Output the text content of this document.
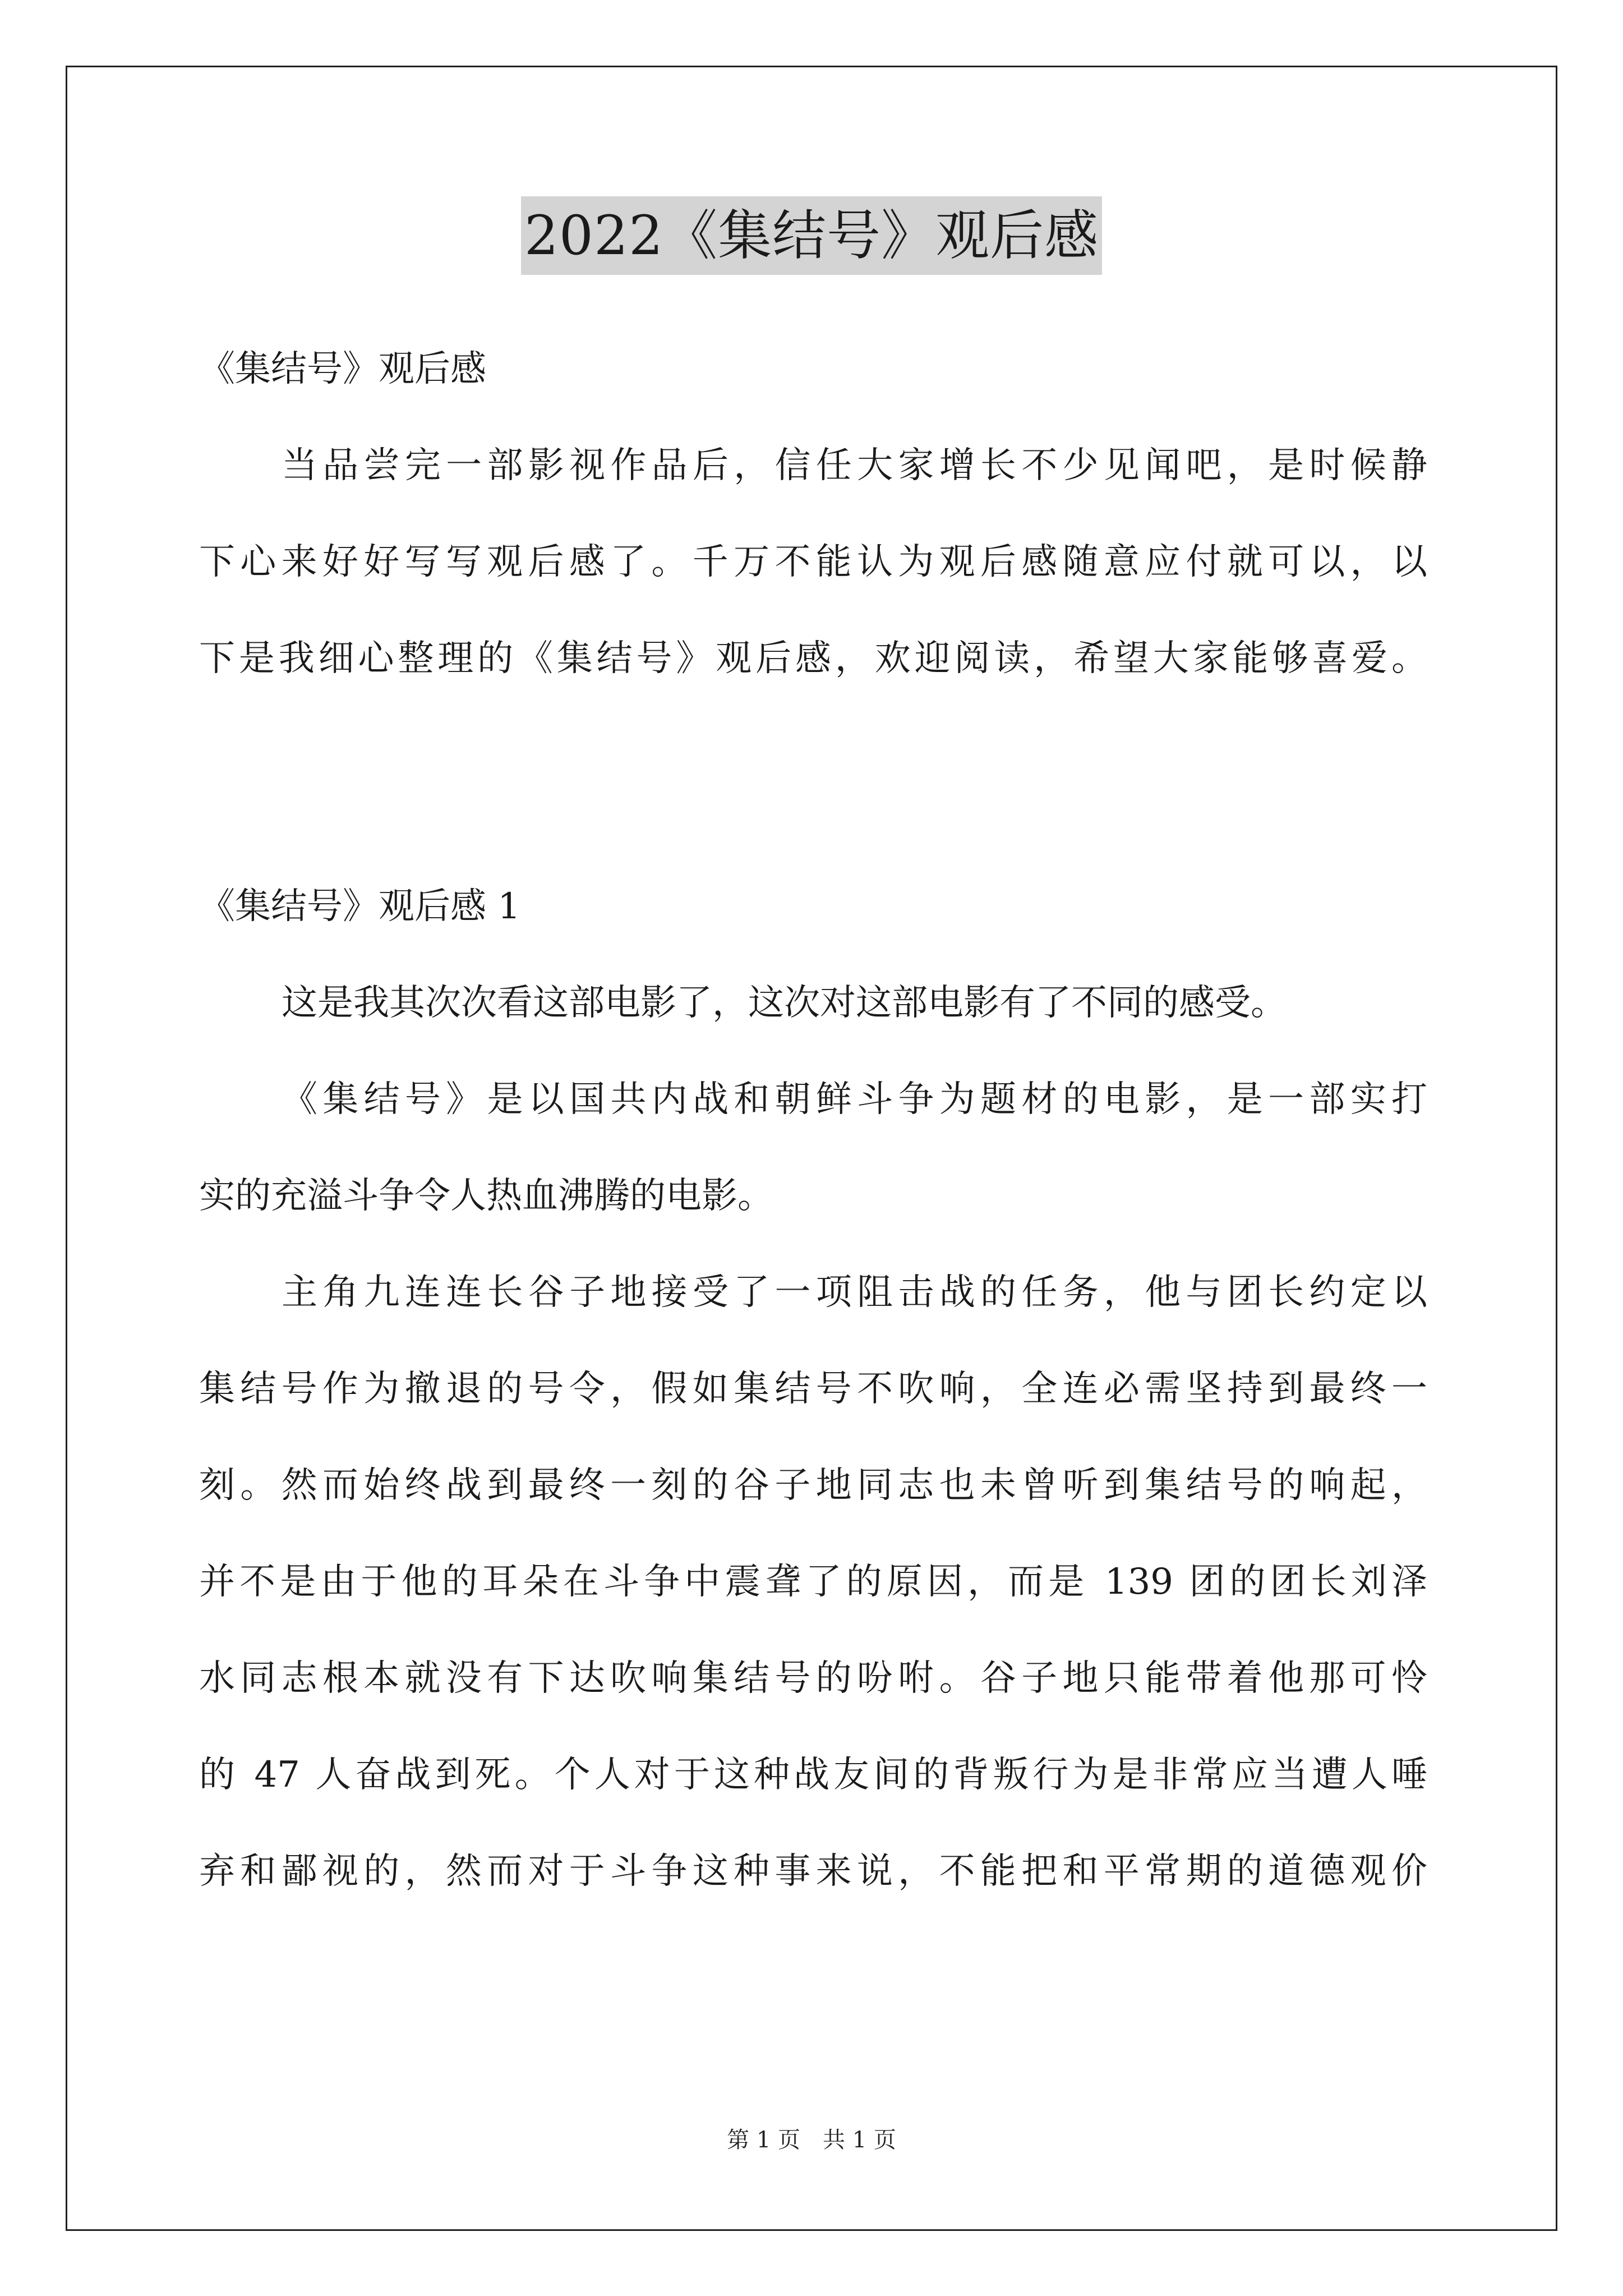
2022《集结号》观后感
《集结号》观后感
当品尝完一部影视作品后，信任大家增长不少见闻吧，是时候静
下心来好好写写观后感了。千万不能认为观后感随意应付就可以，以
下是我细心整理的《集结号》观后感，欢迎阅读，希望大家能够喜爱。
《集结号》观后感 1
这是我其次次看这部电影了，这次对这部电影有了不同的感受。
《集结号》是以国共内战和朝鲜斗争为题材的电影，是一部实打
实的充溢斗争令人热血沸腾的电影。
主角九连连长谷子地接受了一项阻击战的任务，他与团长约定以
集结号作为撤退的号令，假如集结号不吹响，全连必需坚持到最终一
刻。然而始终战到最终一刻的谷子地同志也未曾听到集结号的响起，
并不是由于他的耳朵在斗争中震聋了的原因，而是 139 团的团长刘泽
水同志根本就没有下达吹响集结号的吩咐。谷子地只能带着他那可怜
的 47 人奋战到死。个人对于这种战友间的背叛行为是非常应当遭人唾
弃和鄙视的，然而对于斗争这种事来说，不能把和平常期的道德观价
第 1 页　共 1 页
